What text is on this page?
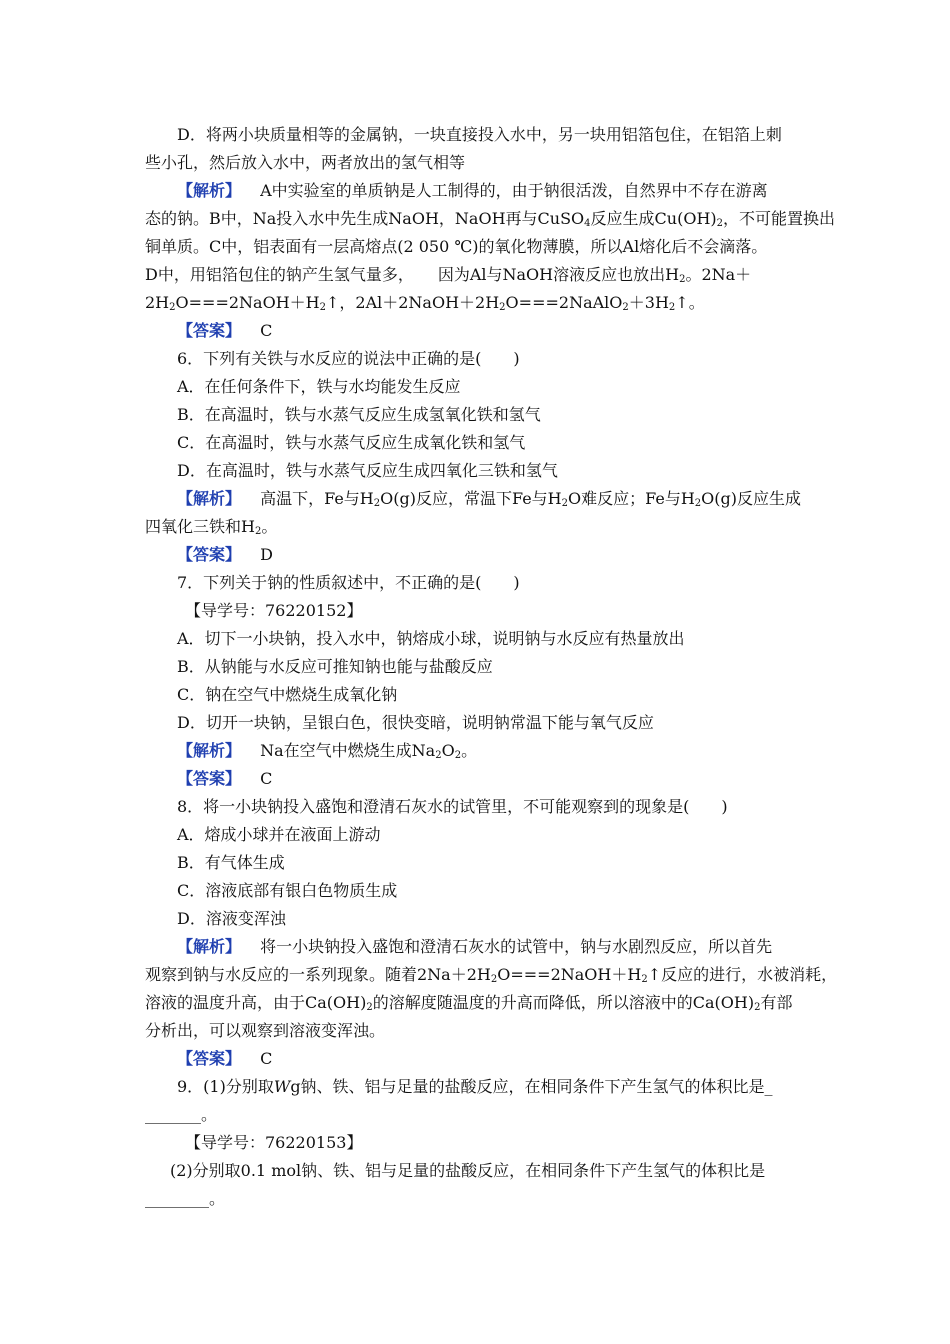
D．将两小块质量相等的金属钠，一块直接投入水中，另一块用铝箔包住，在铝箔上刺
些小孔，然后放入水中，两者放出的氢气相等
【解析】 A中实验室的单质钠是人工制得的，由于钠很活泼，自然界中不存在游离
态的钠。B中，Na投入水中先生成NaOH，NaOH再与CuSO$_4$反应生成$Cu(OH)_2$，不可能置换出
铜单质。C中，铝表面有一层高熔点(2 050 ℃)的氧化物薄膜，所以Al熔化后不会滴落。
D中，用铝箔包住的钠产生氢气量多，　　因为Al与NaOH溶液反应也放出$H_2$。2Na＋
$2H_2O===2NaOH+H_2↑$，$2Al+2NaOH+2H_2O===2NaAlO_2+3H_2↑$。
【答案】 C
6．下列有关铁与水反应的说法中正确的是(　　)
A．在任何条件下，铁与水均能发生反应
B．在高温时，铁与水蒸气反应生成氢氧化铁和氢气
C．在高温时，铁与水蒸气反应生成氧化铁和氢气
D．在高温时，铁与水蒸气反应生成四氧化三铁和氢气
【解析】 高温下，Fe与$H_2O(g)$反应，常温下Fe与$H_2O$难反应；Fe与$H_2O(g)$反应生成
四氧化三铁和$H_2$。
【答案】 D
7．下列关于钠的性质叙述中，不正确的是(　　)
【导学号：76220152】
A．切下一小块钠，投入水中，钠熔成小球，说明钠与水反应有热量放出
B．从钠能与水反应可推知钠也能与盐酸反应
C．钠在空气中燃烧生成氧化钠
D．切开一块钠，呈银白色，很快变暗，说明钠常温下能与氧气反应
【解析】 Na在空气中燃烧生成$Na_2O_2$。
【答案】 C
8．将一小块钠投入盛饱和澄清石灰水的试管里，不可能观察到的现象是(　　)
A．熔成小球并在液面上游动
B．有气体生成
C．溶液底部有银白色物质生成
D．溶液变浑浊
【解析】 将一小块钠投入盛饱和澄清石灰水的试管中，钠与水剧烈反应，所以首先
观察到钠与水反应的一系列现象。随着$2Na+2H_2O===2NaOH+H_2↑$反应的进行，水被消耗，
溶液的温度升高，由于$Ca(OH)_2$的溶解度随温度的升高而降低，所以溶液中的$Ca(OH)_2$有部
分析出，可以观察到溶液变浑浊。
【答案】 C
9．(1)分别取Wg钠、铁、铝与足量的盐酸反应，在相同条件下产生氢气的体积比是_
_______。
【导学号：76220153】
(2)分别取0.1 mol钠、铁、铝与足量的盐酸反应，在相同条件下产生氢气的体积比是
________。
